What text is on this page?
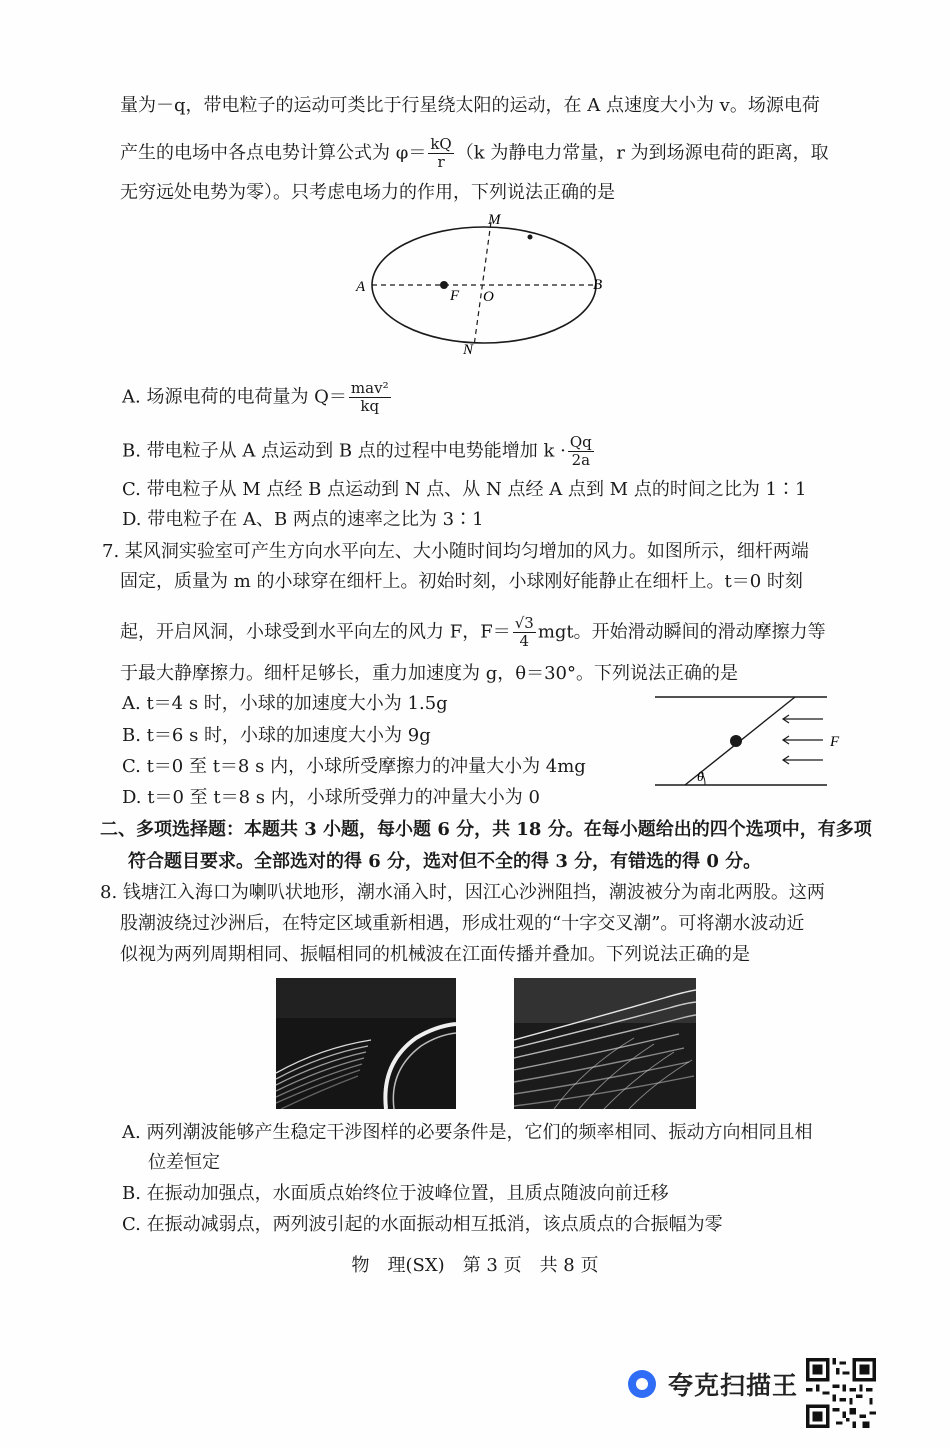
量为－q，带电粒子的运动可类比于行星绕太阳的运动，在 A 点速度大小为 v。场源电荷
产生的电场中各点电势计算公式为 $\varphi= \frac{kQ}{r} (k$ 为静电力常量，r 为到场源电荷的距离，取
无穷远处电势为零）。只考虑电场力的作用，下列说法正确的是
M
N
A	B
F O
A. 场源电荷的电荷量为 $Q= \frac{\text{mav²}}{kq}$
B. 带电粒子从 A 点运动到 B 点的过程中电势能增加 $k \cdot \frac{Qq}{2a}$
C. 带电粒子从 M 点经 B 点运动到 N 点、从 N 点经 A 点到 M 点的时间之比为 1∶1
D. 带电粒子在 A、B 两点的速率之比为 3∶1
7. 某风洞实验室可产生方向水平向左、大小随时间均匀增加的风力。如图所示，细杆两端
固定，质量为 m 的小球穿在细杆上。初始时刻，小球刚好能静止在细杆上。t＝0 时刻
起，开启风洞，小球受到水平向左的风力 F，$F= \frac{√3}{4}$ mgt。开始滑动瞬间的滑动摩擦力等
于最大静摩擦力。细杆足够长，重力加速度为 g，θ＝30°。下列说法正确的是
A. t＝4 s 时，小球的加速度大小为 1.5g
B. t＝6 s 时，小球的加速度大小为 9g
C. t＝0 至 t＝8 s 内，小球所受摩擦力的冲量大小为 4mg
D. t＝0 至 t＝8 s 内，小球所受弹力的冲量大小为 0
F
θ
二、多项选择题：本题共 3 小题，每小题 6 分，共 18 分。在每小题给出的四个选项中，有多项
符合题目要求。全部选对的得 6 分，选对但不全的得 3 分，有错选的得 0 分。
8. 钱塘江入海口为喇叭状地形，潮水涌入时，因江心沙洲阻挡，潮波被分为南北两股。这两
股潮波绕过沙洲后，在特定区域重新相遇，形成壮观的“十字交叉潮”。可将潮水波动近
似视为两列周期相同、振幅相同的机械波在江面传播并叠加。下列说法正确的是
A. 两列潮波能够产生稳定干涉图样的必要条件是，它们的频率相同、振动方向相同且相
位差恒定
B. 在振动加强点，水面质点始终位于波峰位置，且质点随波向前迁移
C. 在振动减弱点，两列波引起的水面振动相互抵消，该点质点的合振幅为零
物　理(SX)　第 3 页　共 8 页
夸克扫描王
